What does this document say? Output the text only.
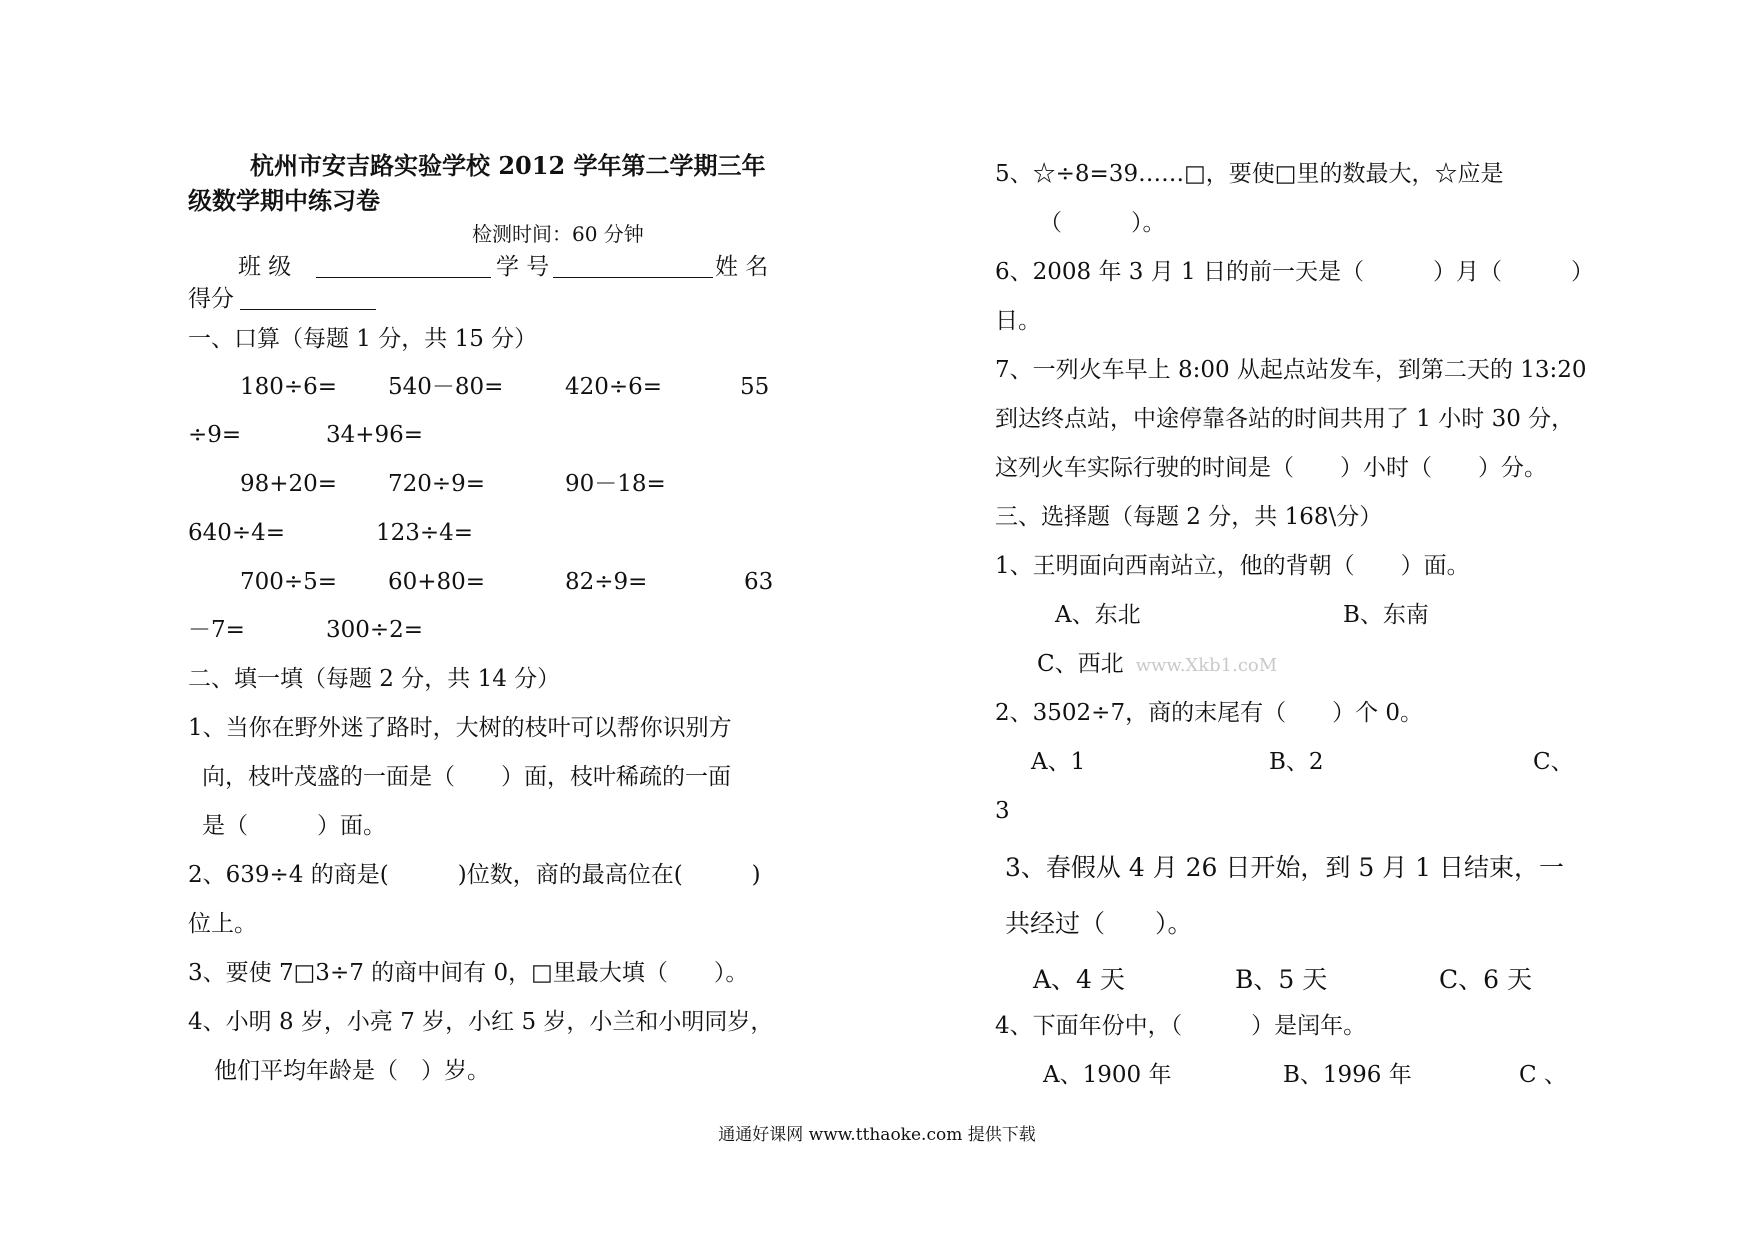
杭州市安吉路实验学校 2012 学年第二学期三年
级数学期中练习卷
检测时间：60 分钟
班 级	学 号	姓 名
得分
一、口算（每题 1 分，共 15 分）
180÷6= 540－80=	420÷6=	55
÷9=	34+96=
98+20= 720÷9=	90－18=
640÷4=	123÷4=
700÷5= 60+80=	82÷9=	63
－7=	300÷2=
二、填一填（每题 2 分，共 14 分）
1、当你在野外迷了路时，大树的枝叶可以帮你识别方
向，枝叶茂盛的一面是（　　）面，枝叶稀疏的一面
是（　　　）面。
2、639÷4 的商是(　　　)位数，商的最高位在(　　　)
位上。
3、要使 7□3÷7 的商中间有 0，□里最大填（　　）。
4、小明 8 岁，小亮 7 岁，小红 5 岁，小兰和小明同岁，
他们平均年龄是（　）岁。
5、☆÷8=39……□，要使□里的数最大，☆应是
（　　　）。
6、2008 年 3 月 1 日的前一天是（　　　）月（　　　）
日。
7、一列火车早上 8:00 从起点站发车，到第二天的 13:20
到达终点站，中途停靠各站的时间共用了 1 小时 30 分，
这列火车实际行驶的时间是（　　）小时（　　）分。
三、选择题（每题 2 分，共 168\分）
1、王明面向西南站立，他的背朝（　　）面。
A、东北	B、东南
C、西北 www.Xkb1.coM
2、3502÷7，商的末尾有（　　）个 0。
A、1	B、2	C、
3
3、春假从 4 月 26 日开始，到 5 月 1 日结束，一
共经过（　　）。
A、4 天	B、5 天	C、6 天
4、下面年份中，（　　　）是闰年。
A、1900 年	B、1996 年	C 、
通通好课网 www.tthaoke.com 提供下载
